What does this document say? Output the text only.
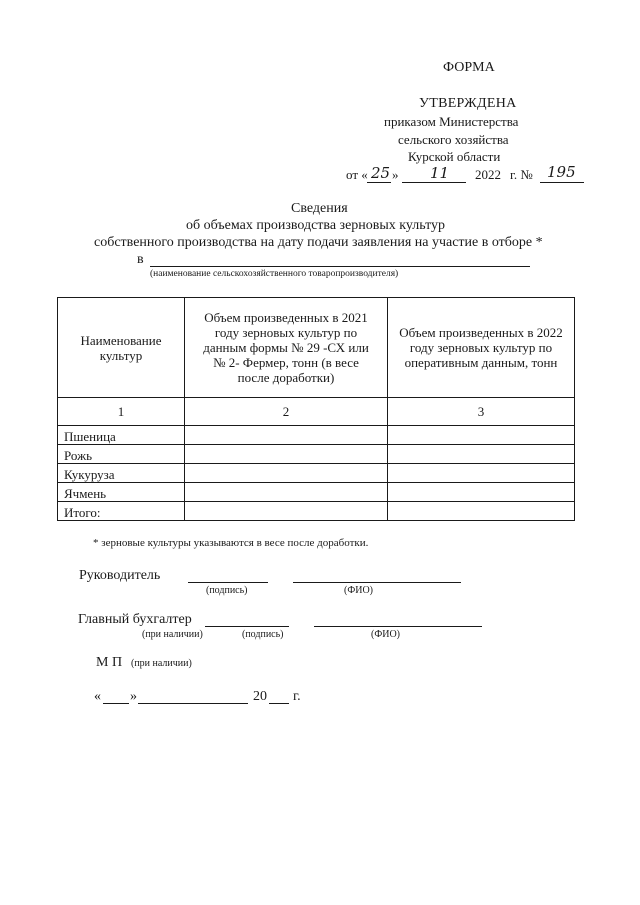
ФОРМА
УТВЕРЖДЕНА
приказом Министерства
сельского хозяйства
Курской области
от « 25 » 11 2022 г. № 195
Сведения
об объемах производства зерновых культур
собственного производства на дату подачи заявления на участие в отборе *
в
(наименование сельскохозяйственного товаропроизводителя)
Наименование культур	Объем произведенных в 2021 году зерновых культур по данным формы № 29 -СХ или № 2- Фермер, тонн (в весе после доработки)	Объем произведенных в 2022 году зерновых культур по оперативным данным, тонн

1	2	3
Пшеница		
Рожь		
Кукуруза		
Ячмень		
Итого:		
* зерновые культуры указываются в весе после доработки.
Руководитель
(подпись)	(ФИО)
Главный бухгалтер
(при наличии)	(подпись)	(ФИО)
М П (при наличии)
« »	20 г.
